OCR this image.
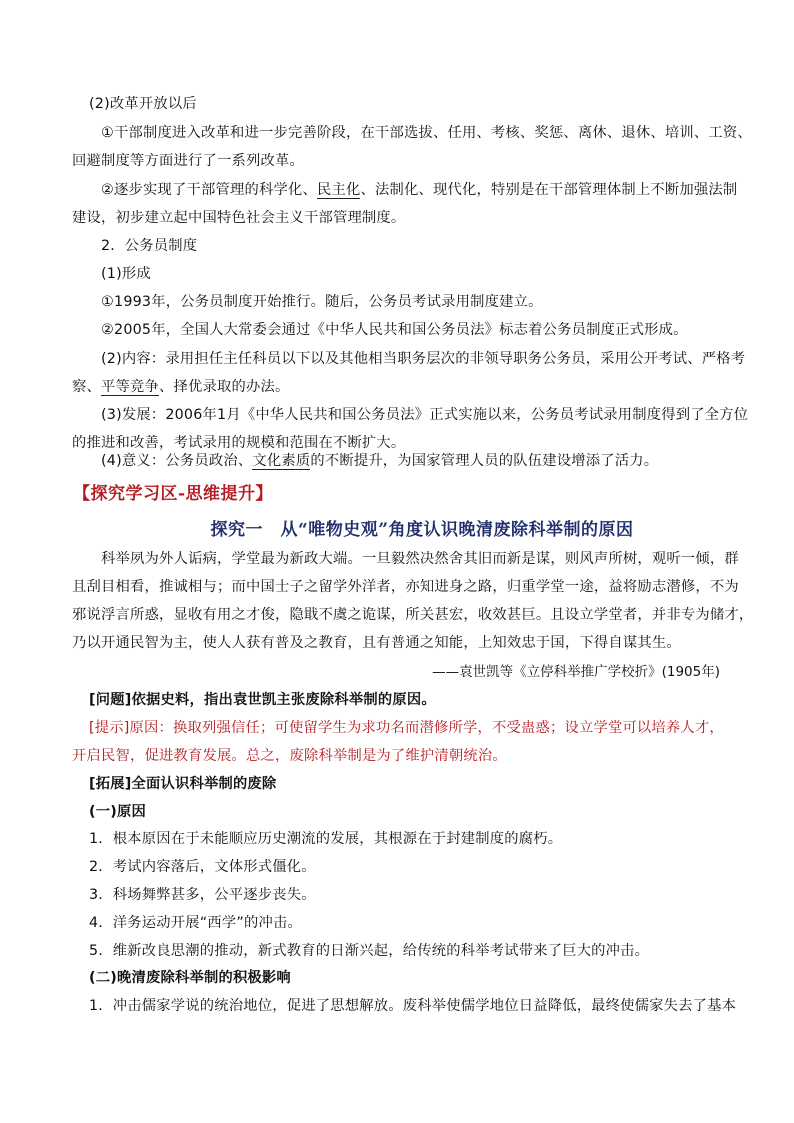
(2)改革开放以后
①干部制度进入改革和进一步完善阶段，在干部选拔、任用、考核、奖惩、离休、退休、培训、工资、
回避制度等方面进行了一系列改革。
②逐步实现了干部管理的科学化、民主化、法制化、现代化，特别是在干部管理体制上不断加强法制
建设，初步建立起中国特色社会主义干部管理制度。
2．公务员制度
(1)形成
①1993年，公务员制度开始推行。随后，公务员考试录用制度建立。
②2005年，全国人大常委会通过《中华人民共和国公务员法》标志着公务员制度正式形成。
(2)内容：录用担任主任科员以下以及其他相当职务层次的非领导职务公务员，采用公开考试、严格考
察、平等竞争、择优录取的办法。
(3)发展：2006年1月《中华人民共和国公务员法》正式实施以来，公务员考试录用制度得到了全方位
的推进和改善，考试录用的规模和范围在不断扩大。
(4)意义：公务员政治、文化素质的不断提升，为国家管理人员的队伍建设增添了活力。
【探究学习区-思维提升】
探究一　从“唯物史观”角度认识晚清废除科举制的原因
科举夙为外人诟病，学堂最为新政大端。一旦毅然决然舍其旧而新是谋，则风声所树，观听一倾，群
且刮目相看，推诚相与；而中国士子之留学外洋者，亦知进身之路，归重学堂一途，益将励志潜修，不为
邪说浮言所惑，显收有用之才俊，隐戢不虞之诡谋，所关甚宏，收效甚巨。且设立学堂者，并非专为储才，
乃以开通民智为主，使人人获有普及之教育，且有普通之知能，上知效忠于国，下得自谋其生。
——袁世凯等《立停科举推广学校折》(1905年)
[问题]依据史料，指出袁世凯主张废除科举制的原因。
[提示]原因：换取列强信任；可使留学生为求功名而潜修所学，不受蛊惑；设立学堂可以培养人才，
开启民智，促进教育发展。总之，废除科举制是为了维护清朝统治。
[拓展]全面认识科举制的废除
(一)原因
1．根本原因在于未能顺应历史潮流的发展，其根源在于封建制度的腐朽。
2．考试内容落后，文体形式僵化。
3．科场舞弊甚多，公平逐步丧失。
4．洋务运动开展“西学”的冲击。
5．维新改良思潮的推动，新式教育的日渐兴起，给传统的科举考试带来了巨大的冲击。
(二)晚清废除科举制的积极影响
1．冲击儒家学说的统治地位，促进了思想解放。废科举使儒学地位日益降低，最终使儒家失去了基本
